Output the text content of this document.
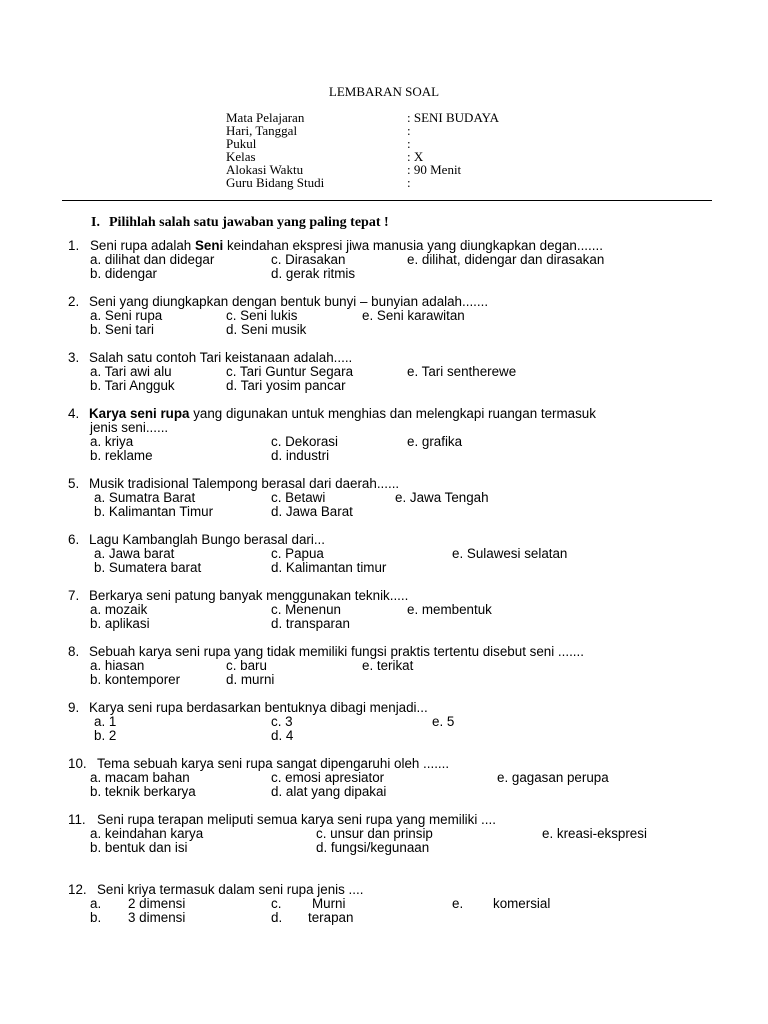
LEMBARAN SOAL
Mata Pelajaran	: SENI BUDAYA
Hari, Tanggal	:
Pukul	:
Kelas	: X
Alokasi Waktu	: 90 Menit
Guru Bidang Studi	:
I. Pilihlah salah satu jawaban yang paling tepat !
1. Seni rupa adalah Seni keindahan ekspresi jiwa manusia yang diungkapkan degan.......
a. dilihat dan didegar	c. Dirasakan	e. dilihat, didengar dan dirasakan
b. didengar	d. gerak ritmis
2. Seni yang diungkapkan dengan bentuk bunyi – bunyian adalah.......
a. Seni rupa	c. Seni lukis	e. Seni karawitan
b. Seni tari	d. Seni musik
3. Salah satu contoh Tari keistanaan adalah.....
a. Tari awi alu	c. Tari Guntur Segara	e. Tari sentherewe
b. Tari Angguk	d. Tari yosim pancar
4. Karya seni rupa yang digunakan untuk menghias dan melengkapi ruangan termasuk
jenis seni......
a. kriya	c. Dekorasi	e. grafika
b. reklame	d. industri
5. Musik tradisional Talempong berasal dari daerah......
a. Sumatra Barat	c. Betawi	e. Jawa Tengah
b. Kalimantan Timur	d. Jawa Barat
6. Lagu Kambanglah Bungo berasal dari...
a. Jawa barat	c. Papua	e. Sulawesi selatan
b. Sumatera barat	d. Kalimantan timur
7. Berkarya seni patung banyak menggunakan teknik.....
a. mozaik	c. Menenun	e. membentuk
b. aplikasi	d. transparan
8. Sebuah karya seni rupa yang tidak memiliki fungsi praktis tertentu disebut seni .......
a. hiasan	c. baru	e. terikat
b. kontemporer	d. murni
9. Karya seni rupa berdasarkan bentuknya dibagi menjadi...
a. 1	c. 3	e. 5
b. 2	d. 4
10. Tema sebuah karya seni rupa sangat dipengaruhi oleh .......
a. macam bahan	c. emosi apresiator	e. gagasan perupa
b. teknik berkarya	d. alat yang dipakai
11. Seni rupa terapan meliputi semua karya seni rupa yang memiliki ....
a. keindahan karya	c. unsur dan prinsip	e. kreasi-ekspresi
b. bentuk dan isi	d. fungsi/kegunaan
12. Seni kriya termasuk dalam seni rupa jenis ....
a. 2 dimensi	c. Murni	e. komersial
b. 3 dimensi	d. terapan
